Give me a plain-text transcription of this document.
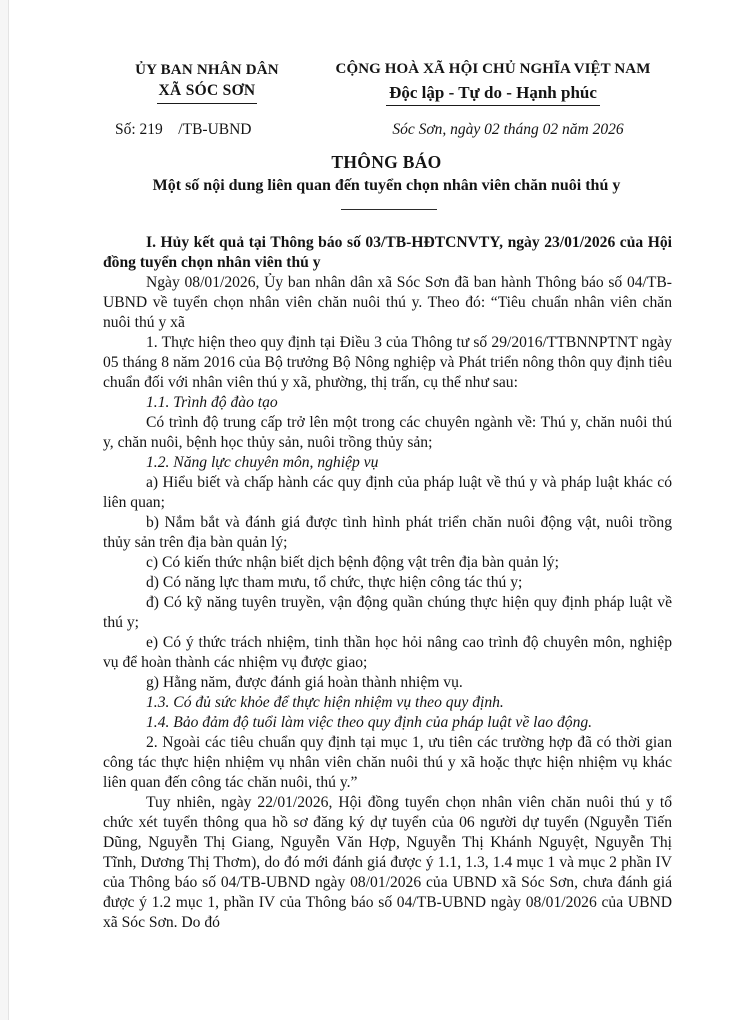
ỦY BAN NHÂN DÂN
XÃ SÓC SƠN
CỘNG HOÀ XÃ HỘI CHỦ NGHĨA VIỆT NAM
Độc lập - Tự do - Hạnh phúc
Số: 219    /TB-UBND	Sóc Sơn, ngày 02 tháng 02 năm 2026
THÔNG BÁO
Một số nội dung liên quan đến tuyển chọn nhân viên chăn nuôi thú y

I. Hủy kết quả tại Thông báo số 03/TB-HĐTCNVTY, ngày 23/01/2026 của Hội đồng tuyển chọn nhân viên thú y

Ngày 08/01/2026, Ủy ban nhân dân xã Sóc Sơn đã ban hành Thông báo số 04/TB-UBND về tuyển chọn nhân viên chăn nuôi thú y. Theo đó: “Tiêu chuẩn nhân viên chăn nuôi thú y xã

1. Thực hiện theo quy định tại Điều 3 của Thông tư số 29/2016/TTBNNPTNT ngày 05 tháng 8 năm 2016 của Bộ trưởng Bộ Nông nghiệp và Phát triển nông thôn quy định tiêu chuẩn đối với nhân viên thú y xã, phường, thị trấn, cụ thể như sau:

1.1. Trình độ đào tạo

Có trình độ trung cấp trở lên một trong các chuyên ngành về: Thú y, chăn nuôi thú y, chăn nuôi, bệnh học thủy sản, nuôi trồng thủy sản;

1.2. Năng lực chuyên môn, nghiệp vụ

a) Hiểu biết và chấp hành các quy định của pháp luật về thú y và pháp luật khác có liên quan;

b) Nắm bắt và đánh giá được tình hình phát triển chăn nuôi động vật, nuôi trồng thủy sản trên địa bàn quản lý;

c) Có kiến thức nhận biết dịch bệnh động vật trên địa bàn quản lý;

d) Có năng lực tham mưu, tổ chức, thực hiện công tác thú y;

đ) Có kỹ năng tuyên truyền, vận động quần chúng thực hiện quy định pháp luật về thú y;

e) Có ý thức trách nhiệm, tinh thần học hỏi nâng cao trình độ chuyên môn, nghiệp vụ để hoàn thành các nhiệm vụ được giao;

g) Hằng năm, được đánh giá hoàn thành nhiệm vụ.

1.3. Có đủ sức khỏe để thực hiện nhiệm vụ theo quy định.

1.4. Bảo đảm độ tuổi làm việc theo quy định của pháp luật về lao động.

2. Ngoài các tiêu chuẩn quy định tại mục 1, ưu tiên các trường hợp đã có thời gian công tác thực hiện nhiệm vụ nhân viên chăn nuôi thú y xã hoặc thực hiện nhiệm vụ khác liên quan đến công tác chăn nuôi, thú y.”

Tuy nhiên, ngày 22/01/2026, Hội đồng tuyển chọn nhân viên chăn nuôi thú y tổ chức xét tuyển thông qua hồ sơ đăng ký dự tuyển của 06 người dự tuyển (Nguyễn Tiến Dũng, Nguyễn Thị Giang, Nguyễn Văn Hợp, Nguyễn Thị Khánh Nguyệt, Nguyễn Thị Tĩnh, Dương Thị Thơm), do đó mới đánh giá được ý 1.1, 1.3, 1.4 mục 1 và mục 2 phần IV của Thông báo số 04/TB-UBND ngày 08/01/2026 của UBND xã Sóc Sơn, chưa đánh giá được ý 1.2 mục 1, phần IV của Thông báo số 04/TB-UBND ngày 08/01/2026 của UBND xã Sóc Sơn. Do đó
